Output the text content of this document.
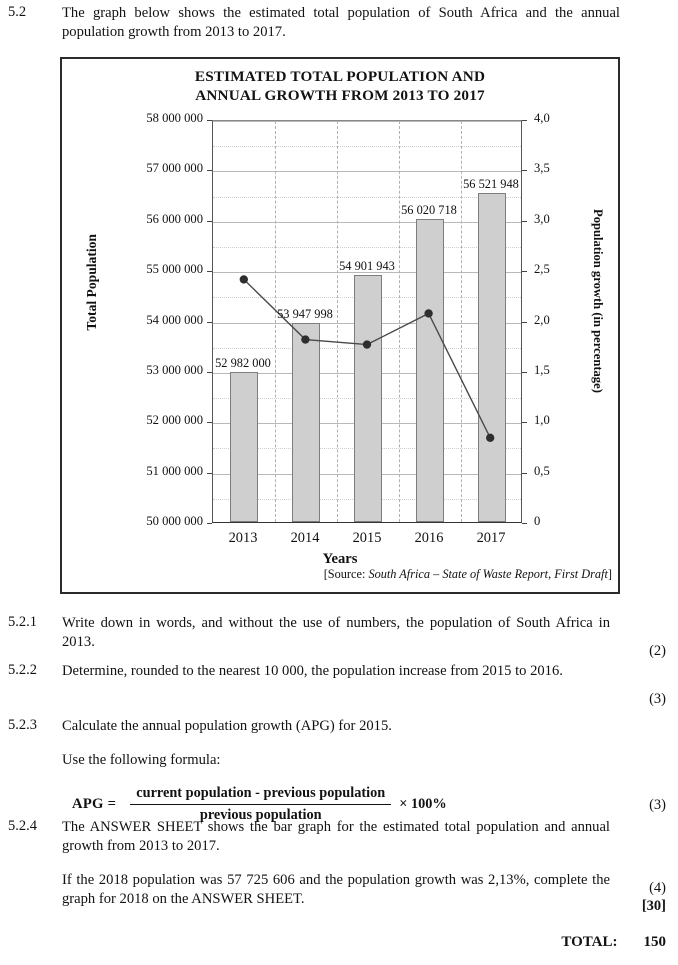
5.2	The graph below shows the estimated total population of South Africa and the annual population growth from 2013 to 2017.
ESTIMATED TOTAL POPULATION AND
ANNUAL GROWTH FROM 2013 TO 2017
Total Population	Population growth (in percentage)
50 000 000
51 000 000
52 000 000
53 000 000
54 000 000
55 000 000
56 000 000
57 000 000
58 000 000
0
0,5
1,0
1,5
2,0
2,5
3,0
3,5
4,0
52 982 000
53 947 998
54 901 943
56 020 718
56 521 948
2013	2014	2015	2016	2017
Years
[Source: South Africa – State of Waste Report, First Draft]
5.2.1	Write down in words, and without the use of numbers, the population of South Africa in 2013.
(2)
5.2.2	Determine, rounded to the nearest 10 000, the population increase from 2015 to 2016.
(3)
5.2.3	Calculate the annual population growth (APG) for 2015.
Use the following formula:
APG = $\frac{\text{current population - previous population}}{\text{previous population}} \times 100\%$	(3)
5.2.4	The ANSWER SHEET shows the bar graph for the estimated total population and annual growth from 2013 to 2017.
If the 2018 population was 57 725 606 and the population growth was 2,13%, complete the graph for 2018 on the ANSWER SHEET.
(4)
[30]
TOTAL: 150
